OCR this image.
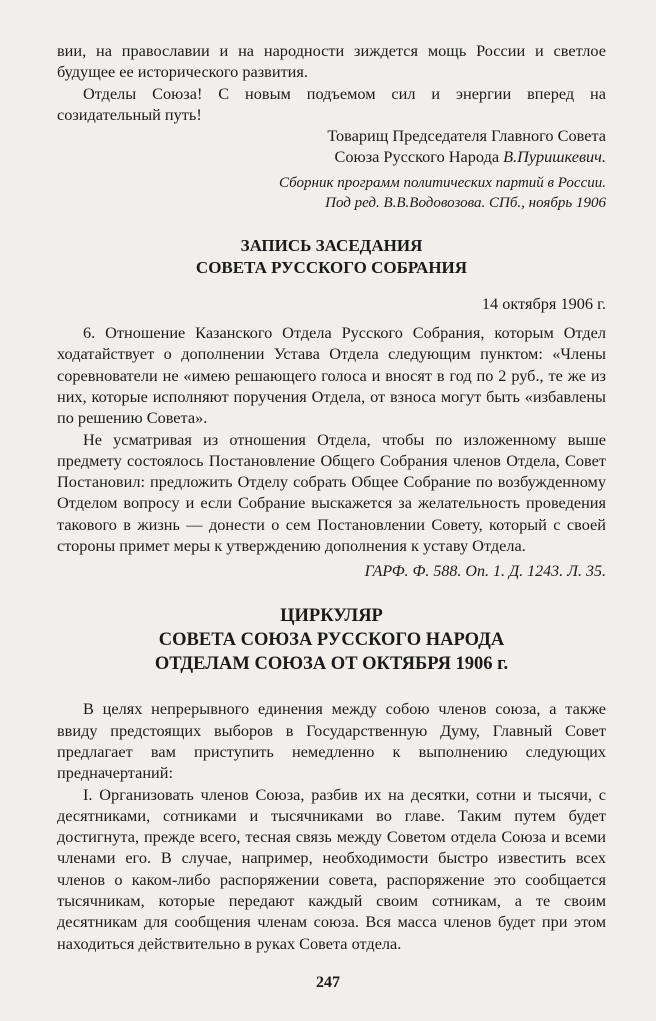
вии, на православии и на народности зиждется мощь России и светлое будущее ее исторического развития.

Отделы Союза! С новым подъемом сил и энергии вперед на созидательный путь!

Товарищ Председателя Главного Совета

Союза Русского Народа В.Пуришкевич.

Сборник программ политических партий в России.

Под ред. В.В.Водовозова. СПб., ноябрь 1906

ЗАПИСЬ ЗАСЕДАНИЯ
СОВЕТА РУССКОГО СОБРАНИЯ

14 октября 1906 г.

6. Отношение Казанского Отдела Русского Собрания, которым Отдел ходатайствует о дополнении Устава Отдела следующим пунктом: «Члены соревнователи не «имею решающего голоса и вносят в год по 2 руб., те же из них, которые исполняют поручения Отдела, от взноса могут быть «избавлены по решению Совета».

Не усматривая из отношения Отдела, чтобы по изложенному выше предмету состоялось Постановление Общего Собрания членов Отдела, Совет Постановил: предложить Отделу собрать Общее Собрание по возбужденному Отделом вопросу и если Собрание выскажется за желательность проведения такового в жизнь — донести о сем Постановлении Совету, который с своей стороны примет меры к утверждению дополнения к уставу Отдела.

ГАРФ. Ф. 588. Оп. 1. Д. 1243. Л. 35.

ЦИРКУЛЯР
СОВЕТА СОЮЗА РУССКОГО НАРОДА
ОТДЕЛАМ СОЮЗА ОТ ОКТЯБРЯ 1906 г.

В целях непрерывного единения между собою членов союза, а также ввиду предстоящих выборов в Государственную Думу, Главный Совет предлагает вам приступить немедленно к выполнению следующих предначертаний:

I. Организовать членов Союза, разбив их на десятки, сотни и тысячи, с десятниками, сотниками и тысячниками во главе. Таким путем будет достигнута, прежде всего, тесная связь между Советом отдела Союза и всеми членами его. В случае, например, необходимости быстро известить всех членов о каком-либо распоряжении совета, распоряжение это сообщается тысячникам, которые передают каждый своим сотникам, а те своим десятникам для сообщения членам союза. Вся масса членов будет при этом находиться действительно в руках Совета отдела.

247
